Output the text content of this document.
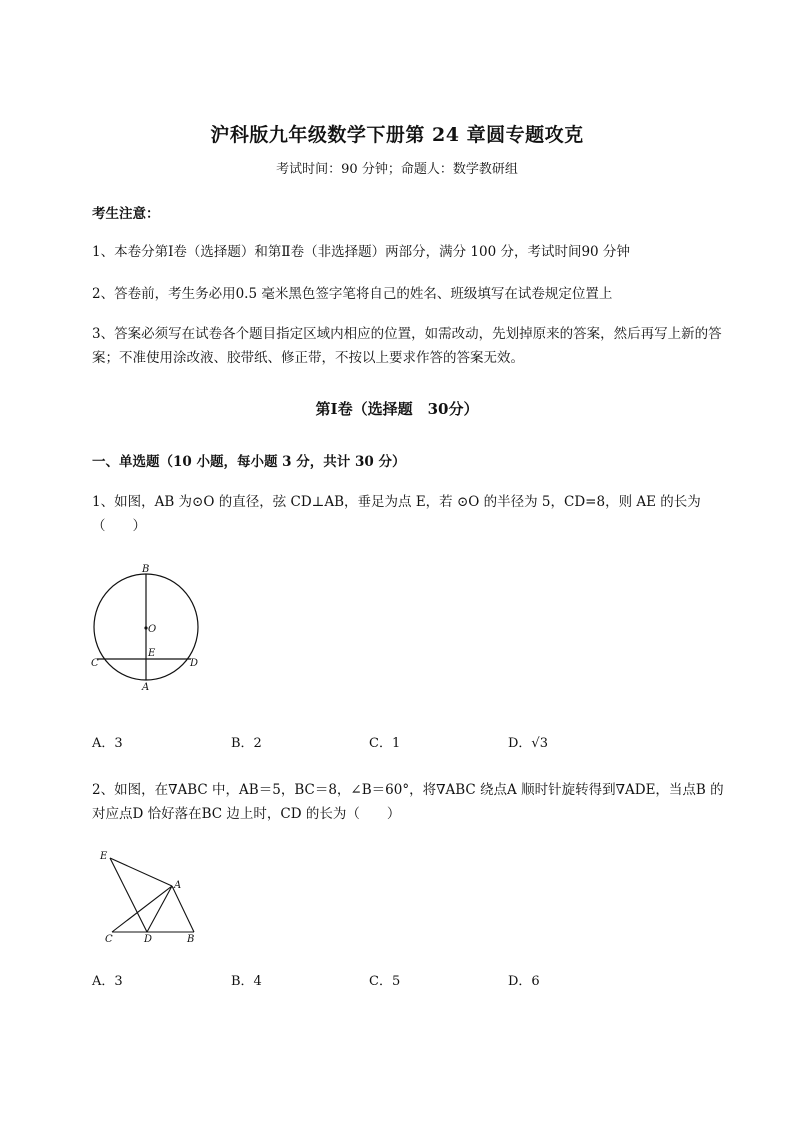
沪科版九年级数学下册第 24 章圆专题攻克
考试时间：90 分钟；命题人：数学教研组
考生注意：
1、本卷分第Ⅰ卷（选择题）和第Ⅱ卷（非选择题）两部分，满分 100 分，考试时间90 分钟
2、答卷前，考生务必用0.5 毫米黑色签字笔将自己的姓名、班级填写在试卷规定位置上
3、答案必须写在试卷各个题目指定区域内相应的位置，如需改动，先划掉原来的答案，然后再写上新的答案；不准使用涂改液、胶带纸、修正带，不按以上要求作答的答案无效。
第Ⅰ卷（选择题　30分）
一、单选题（10 小题，每小题 3 分，共计 30 分）
1、如图，AB 为⊙O 的直径，弦 CD⊥AB，垂足为点 E，若 ⊙O 的半径为 5，CD=8，则 AE 的长为（　　）
B
O
E
C	D
A
A．3	B．2	C．1	D．√3
2、如图，在∇ABC 中，AB＝5，BC＝8，∠B＝60°，将∇ABC 绕点A 顺时针旋转得到∇ADE，当点B 的对应点D 恰好落在BC 边上时，CD 的长为（　　）
E
A
C	D	B
A．3	B．4	C．5	D．6
